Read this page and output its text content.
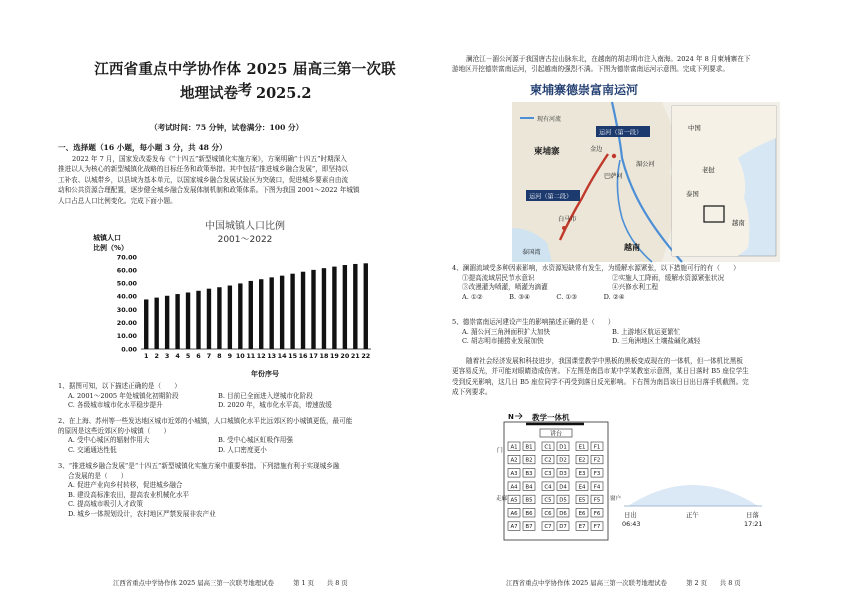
江西省重点中学协作体 2025 届高三第一次联考
地理试卷 2025.2
（考试时间：75 分钟，试卷满分：100 分）
一、选择题（16 小题，每小题 3 分，共 48 分）
2022 年 7 月，国家发改委发布《“十四五”新型城镇化实施方案》，方案明确“十四五”时期深入
推进以人为核心的新型城镇化战略的目标任务和政策举措。其中包括“推进城乡融合发展”，即坚持以
工补农、以城带乡，以县域为基本单元，以国家城乡融合发展试验区为突破口，促进城乡要素自由流
动和公共资源合理配置，逐步健全城乡融合发展体制机制和政策体系。下图为我国 2001～2022 年城镇
人口占总人口比例变化。完成下面小题。
中国城镇人口比例
2001～2022
城镇人口
比例（%）
0.00
10.00
20.00
30.00
40.00
50.00
60.00
70.00
1 2 3 4 5 6 7 8 9 10 11 12 13 14 15 16 17 18 19 20 21 22
年份序号
1、据图可知，以下描述正确的是（　　）
A. 2001～2005 年处城镇化初期阶段	B. 目前已全面进入逆城市化阶段
C. 各级城市城市化水平稳步提升	D. 2020 年，城市化水平高，增速放缓
2、在上海、苏州等一些发达地区城市近郊的小城镇，人口城镇化水平比远郊区的小城镇更低，最可能
的原因是这些近郊区的小城镇（　　）
A. 受中心城区的辐射作用大	B. 受中心城区虹吸作用强
C. 交通通达性低	D. 人口密度更小
3、“推进城乡融合发展”是“十四五”新型城镇化实施方案中重要举措。下列措施有利于实现城乡融
合发展的是（　　）
A. 促进产业向乡村转移，促进城乡融合
B. 建设高标准农田，提高农业机械化水平
C. 提高城市吸引人才政策
D. 城乡一体规划设计，农村地区严禁发展非农产业
江西省重点中学协作体 2025 届高三第一次联考地理试卷　　　第 1 页　　共 8 页
澜沧江－湄公河源于我国唐古拉山脉东北，在越南的胡志明市注入南海。2024 年 8 月柬埔寨在下
游地区开挖德崇富南运河，引起越南的强烈不满。下图为德崇富南运河示意图。完成下列要求。
柬埔寨德崇富南运河
现有河流
柬埔寨
运河（第一段）
运河（第二段）
金边
湄公河
巴萨河
白马市
泰国湾
越南
中国
老挝
泰国
越南
4、澜湄流域受多种因素影响，水资源短缺常有发生，为缓解水源紧张，以下措施可行的有（　　）
①提高流域居民节水意识	②实施人工降雨，缓解水资源紧张状况
③改漫灌为喷灌，喷灌为滴灌	④兴修水利工程
A. ①②　　　　B. ③④　　　　C. ①③　　　　D. ②④
5、德崇富南运河建设产生的影响描述正确的是（　　）
A. 湄公河三角洲面积扩大加快	B. 上游地区航运更繁忙
C. 胡志明市捕捞业发展加快	D. 三角洲地区土壤盐碱化减轻
随着社会经济发展和科技进步，我国课堂教学中黑板的黑板变成现在的一体机，但一体机比黑板
更容易反光，并可能对眼睛造成伤害。下左图是南昌市某中学某教室示意图，某日日落时 B5 座位学生
受到反光影响，这几日 B5 座位同学不再受到落日反光影响。下右图为南昌该日日出日落手机截图。完
成下列要求。
N 教学一体机
讲台
门
走廊	窗户
A1 B1 C1 D1 E1 F1
A2 B2 C2 D2 E2 F2
A3 B3 C3 D3 E3 F3
A4 B4 C4 D4 E4 F4
A5 B5 C5 D5 E5 F5
A6 B6 C6 D6 E6 F6
A7 B7 C7 D7 E7 F7
日出
06:43
正午	日落
17:21
江西省重点中学协作体 2025 届高三第一次联考地理试卷　　　第 2 页　　共 8 页
